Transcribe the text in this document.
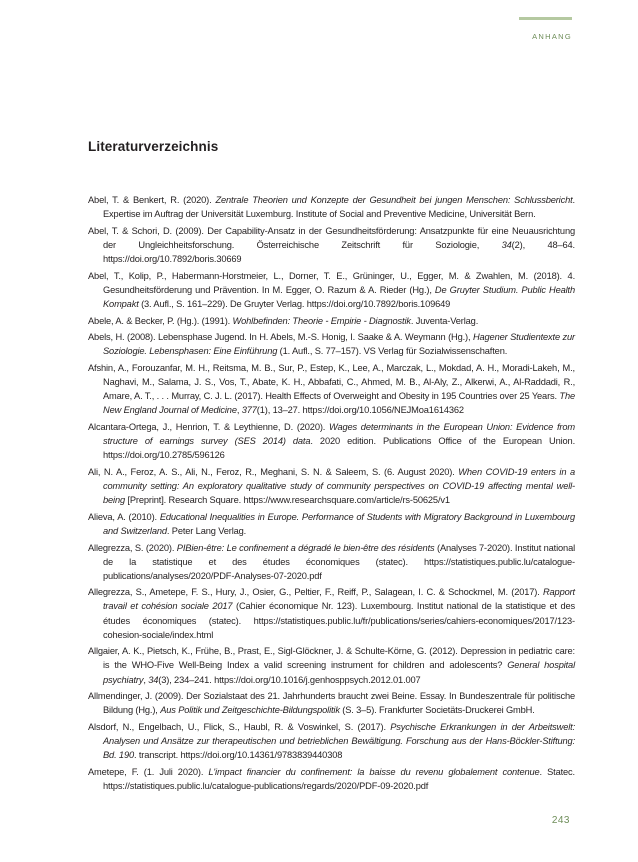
ANHANG
Literaturverzeichnis
Abel, T. & Benkert, R. (2020). Zentrale Theorien und Konzepte der Gesundheit bei jungen Menschen: Schlussbericht. Expertise im Auftrag der Universität Luxemburg. Institute of Social and Preventive Medicine, Universität Bern.
Abel, T. & Schori, D. (2009). Der Capability-Ansatz in der Gesundheitsförderung: Ansatzpunkte für eine Neuausrichtung der Ungleichheitsforschung. Österreichische Zeitschrift für Soziologie, 34(2), 48–64. https://doi.org/10.7892/boris.30669
Abel, T., Kolip, P., Habermann-Horstmeier, L., Dorner, T. E., Grüninger, U., Egger, M. & Zwahlen, M. (2018). 4. Gesundheitsförderung und Prävention. In M. Egger, O. Razum & A. Rieder (Hg.), De Gruyter Studium. Public Health Kompakt (3. Aufl., S. 161–229). De Gruyter Verlag. https://doi.org/10.7892/boris.109649
Abele, A. & Becker, P. (Hg.). (1991). Wohlbefinden: Theorie - Empirie - Diagnostik. Juventa-Verlag.
Abels, H. (2008). Lebensphase Jugend. In H. Abels, M.-S. Honig, I. Saake & A. Weymann (Hg.), Hagener Studientexte zur Soziologie. Lebensphasen: Eine Einführung (1. Aufl., S. 77–157). VS Verlag für Sozialwissenschaften.
Afshin, A., Forouzanfar, M. H., Reitsma, M. B., Sur, P., Estep, K., Lee, A., Marczak, L., Mokdad, A. H., Moradi-Lakeh, M., Naghavi, M., Salama, J. S., Vos, T., Abate, K. H., Abbafati, C., Ahmed, M. B., Al-Aly, Z., Alkerwi, A., Al-Raddadi, R., Amare, A. T., . . . Murray, C. J. L. (2017). Health Effects of Overweight and Obesity in 195 Countries over 25 Years. The New England Journal of Medicine, 377(1), 13–27. https://doi.org/10.1056/NEJMoa1614362
Alcantara-Ortega, J., Henrion, T. & Leythienne, D. (2020). Wages determinants in the European Union: Evidence from structure of earnings survey (SES 2014) data. 2020 edition. Publications Office of the European Union. https://doi.org/10.2785/596126
Ali, N. A., Feroz, A. S., Ali, N., Feroz, R., Meghani, S. N. & Saleem, S. (6. August 2020). When COVID-19 enters in a community setting: An exploratory qualitative study of community perspectives on COVID-19 affecting mental well-being [Preprint]. Research Square. https://www.researchsquare.com/article/rs-50625/v1
Alieva, A. (2010). Educational Inequalities in Europe. Performance of Students with Migratory Background in Luxembourg and Switzerland. Peter Lang Verlag.
Allegrezza, S. (2020). PIBien-être: Le confinement a dégradé le bien-être des résidents (Analyses 7-2020). Institut national de la statistique et des études économiques (statec). https://statistiques.public.lu/catalogue-publications/analyses/2020/PDF-Analyses-07-2020.pdf
Allegrezza, S., Ametepe, F. S., Hury, J., Osier, G., Peltier, F., Reiff, P., Salagean, I. C. & Schockmel, M. (2017). Rapport travail et cohésion sociale 2017 (Cahier économique Nr. 123). Luxembourg. Institut national de la statistique et des études économiques (statec). https://statistiques.public.lu/fr/publications/series/cahiers-economiques/2017/123-cohesion-sociale/index.html
Allgaier, A. K., Pietsch, K., Frühe, B., Prast, E., Sigl-Glöckner, J. & Schulte-Körne, G. (2012). Depression in pediatric care: is the WHO-Five Well-Being Index a valid screening instrument for children and adolescents? General hospital psychiatry, 34(3), 234–241. https://doi.org/10.1016/j.genhosppsych.2012.01.007
Allmendinger, J. (2009). Der Sozialstaat des 21. Jahrhunderts braucht zwei Beine. Essay. In Bundeszentrale für politische Bildung (Hg.), Aus Politik und Zeitgeschichte-Bildungspolitik (S. 3–5). Frankfurter Societäts-Druckerei GmbH.
Alsdorf, N., Engelbach, U., Flick, S., Haubl, R. & Voswinkel, S. (2017). Psychische Erkrankungen in der Arbeitswelt: Analysen und Ansätze zur therapeutischen und betrieblichen Bewältigung. Forschung aus der Hans-Böckler-Stiftung: Bd. 190. transcript. https://doi.org/10.14361/9783839440308
Ametepe, F. (1. Juli 2020). L'impact financier du confinement: la baisse du revenu globalement contenue. Statec. https://statistiques.public.lu/catalogue-publications/regards/2020/PDF-09-2020.pdf
243
